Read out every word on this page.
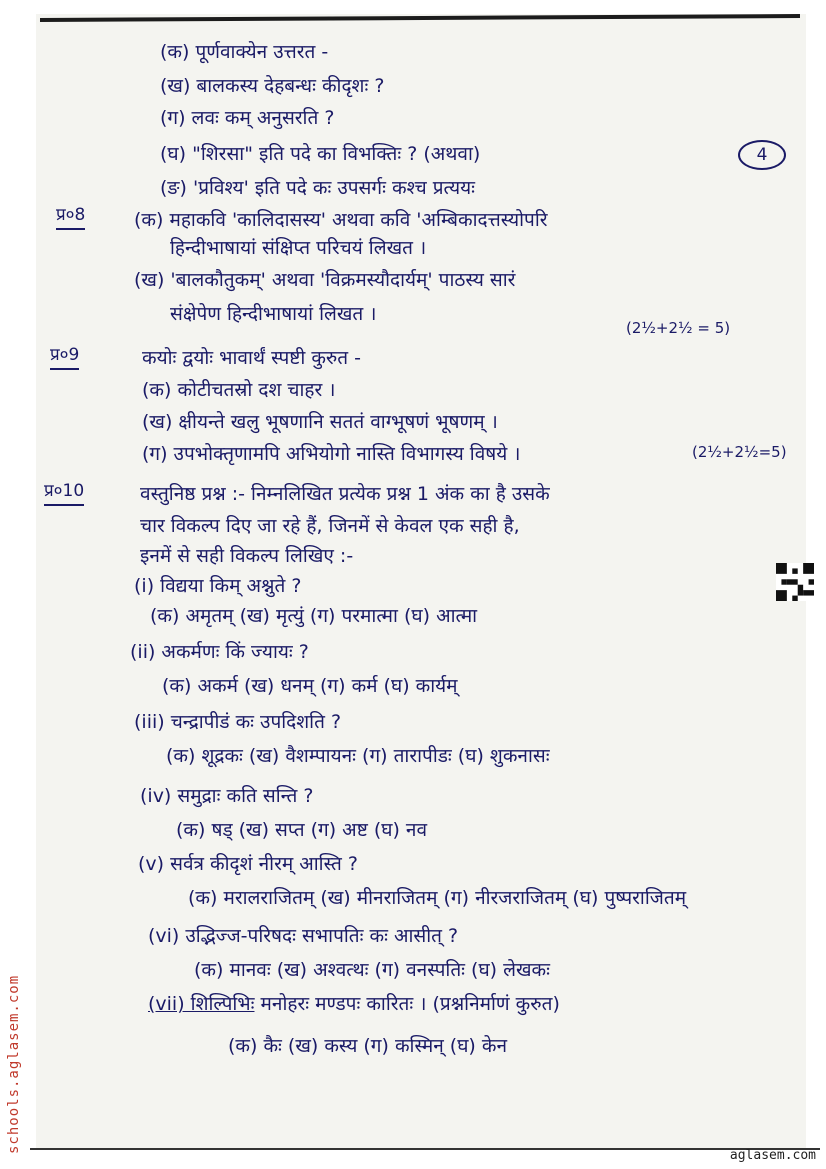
4
(क) पूर्णवाक्येन उत्तरत -
(ख) बालकस्य देहबन्धः कीदृशः ?
(ग) लवः कम् अनुसरति ?
(घ) "शिरसा" इति पदे का विभक्तिः ? (अथवा)
(ङ) 'प्रविश्य' इति पदे कः उपसर्गः कश्च प्रत्ययः
प्र०8	(क) महाकवि 'कालिदासस्य' अथवा कवि 'अम्बिकादत्तस्योपरि
हिन्दीभाषायां संक्षिप्त परिचयं लिखत ।
(ख) 'बालकौतुकम्' अथवा 'विक्रमस्यौदार्यम्' पाठस्य सारं
संक्षेपेण हिन्दीभाषायां लिखत ।
(2½+2½ = 5)
प्र०9	कयोः द्वयोः भावार्थं स्पष्टी कुरुत -
(क) कोटीचतस्रो दश चाहर ।
(ख) क्षीयन्ते खलु भूषणानि सततं वाग्भूषणं भूषणम् ।
(ग) उपभोक्तृणामपि अभियोगो नास्ति विभागस्य विषये ।	(2½+2½=5)
प्र०10	वस्तुनिष्ठ प्रश्न :- निम्नलिखित प्रत्येक प्रश्न 1 अंक का है उसके
चार विकल्प दिए जा रहे हैं, जिनमें से केवल एक सही है,
इनमें से सही विकल्प लिखिए :-
(i) विद्यया किम् अश्नुते ?
(क) अमृतम् (ख) मृत्युं (ग) परमात्मा (घ) आत्मा
(ii) अकर्मणः किं ज्यायः ?
(क) अकर्म (ख) धनम् (ग) कर्म (घ) कार्यम्
(iii) चन्द्रापीडं कः उपदिशति ?
(क) शूद्रकः (ख) वैशम्पायनः (ग) तारापीडः (घ) शुकनासः
(iv) समुद्राः कति सन्ति ?
(क) षड् (ख) सप्त (ग) अष्ट (घ) नव
(v) सर्वत्र कीदृशं नीरम् आस्ति ?
(क) मरालराजितम् (ख) मीनराजितम् (ग) नीरजराजितम् (घ) पुष्पराजितम्
(vi) उद्भिज्ज-परिषदः सभापतिः कः आसीत् ?
(क) मानवः (ख) अश्वत्थः (ग) वनस्पतिः (घ) लेखकः
(vii) शिल्पिभिः मनोहरः मण्डपः कारितः । (प्रश्ननिर्माणं कुरुत)
(क) कैः (ख) कस्य (ग) कस्मिन् (घ) केन
schools.aglasem.com
aglasem.com
